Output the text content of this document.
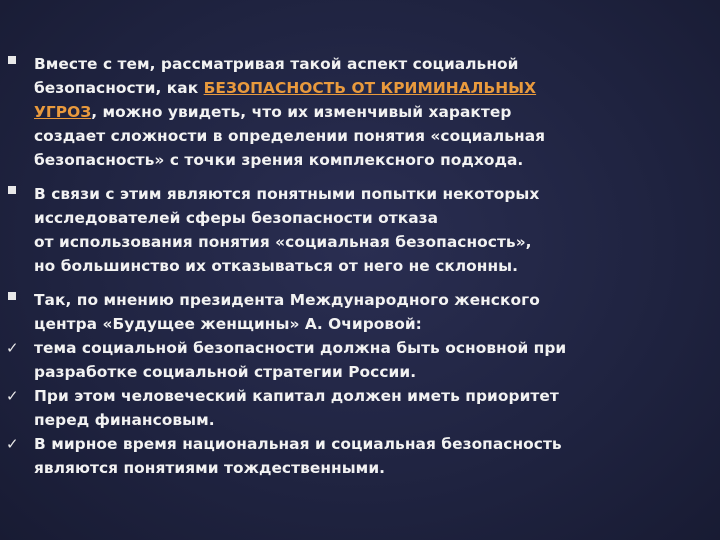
Вместе с тем, рассматривая такой аспект социальной
безопасности, как БЕЗОПАСНОСТЬ ОТ КРИМИНАЛЬНЫХ
УГРОЗ, можно увидеть, что их изменчивый характер
создает сложности в определении понятия «социальная
безопасность» с точки зрения комплексного подхода.
В связи с этим являются понятными попытки некоторых
исследователей сферы безопасности отказа
от использования понятия «социальная безопасность»,
но большинство их отказываться от него не склонны.
Так, по мнению президента Международного женского
центра «Будущее женщины» А. Очировой:
✓ тема социальной безопасности должна быть основной при
разработке социальной стратегии России.
✓ При этом человеческий капитал должен иметь приоритет
перед финансовым.
✓ В мирное время национальная и социальная безопасность
являются понятиями тождественными.
